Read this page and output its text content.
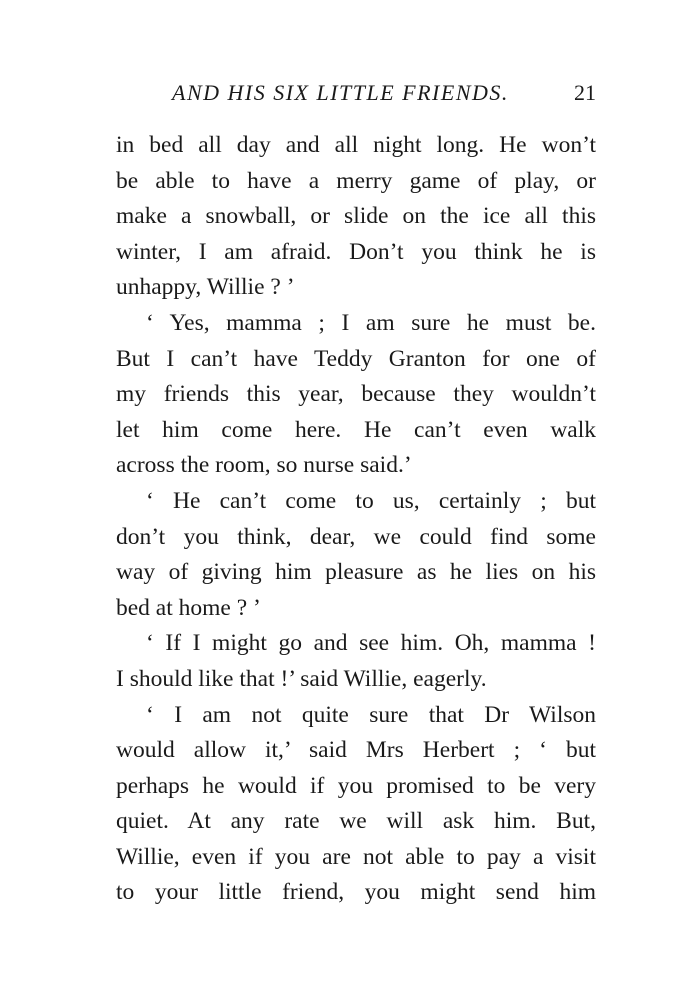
AND HIS SIX LITTLE FRIENDS.	21
in bed all day and all night long. He won’t
be able to have a merry game of play, or
make a snowball, or slide on the ice all this
winter, I am afraid. Don’t you think he is
unhappy, Willie ? ’
‘ Yes, mamma ; I am sure he must be.
But I can’t have Teddy Granton for one of
my friends this year, because they wouldn’t
let him come here. He can’t even walk
across the room, so nurse said.’
‘ He can’t come to us, certainly ; but
don’t you think, dear, we could find some
way of giving him pleasure as he lies on his
bed at home ? ’
‘ If I might go and see him. Oh, mamma !
I should like that !’ said Willie, eagerly.
‘ I am not quite sure that Dr Wilson
would allow it,’ said Mrs Herbert ; ‘ but
perhaps he would if you promised to be very
quiet. At any rate we will ask him. But,
Willie, even if you are not able to pay a visit
to your little friend, you might send him
